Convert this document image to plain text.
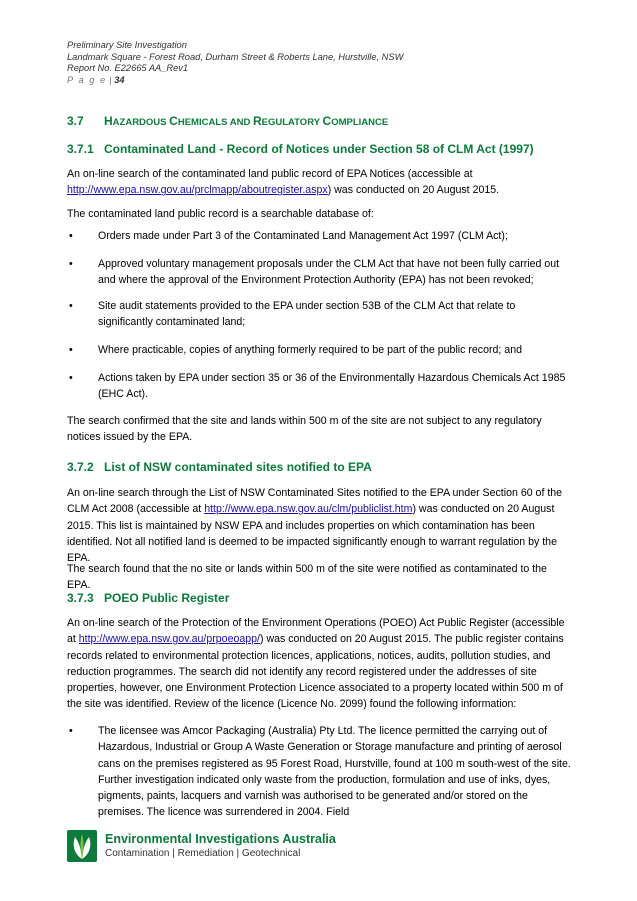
Preliminary Site Investigation
Landmark Square - Forest Road, Durham Street & Roberts Lane, Hurstville, NSW
Report No. E22665 AA_Rev1
P a g e | 34
3.7 HAZARDOUS CHEMICALS AND REGULATORY COMPLIANCE
3.7.1 Contaminated Land - Record of Notices under Section 58 of CLM Act (1997)
An on-line search of the contaminated land public record of EPA Notices (accessible at
http://www.epa.nsw.gov.au/prclmapp/aboutregister.aspx) was conducted on 20 August 2015.
The contaminated land public record is a searchable database of:
• Orders made under Part 3 of the Contaminated Land Management Act 1997 (CLM Act);
• Approved voluntary management proposals under the CLM Act that have not been fully carried out and where the approval of the Environment Protection Authority (EPA) has not been revoked;
• Site audit statements provided to the EPA under section 53B of the CLM Act that relate to significantly contaminated land;
• Where practicable, copies of anything formerly required to be part of the public record; and
• Actions taken by EPA under section 35 or 36 of the Environmentally Hazardous Chemicals Act 1985 (EHC Act).
The search confirmed that the site and lands within 500 m of the site are not subject to any regulatory notices issued by the EPA.
3.7.2 List of NSW contaminated sites notified to EPA
An on-line search through the List of NSW Contaminated Sites notified to the EPA under Section 60 of the CLM Act 2008 (accessible at http://www.epa.nsw.gov.au/clm/publiclist.htm) was conducted on 20 August 2015. This list is maintained by NSW EPA and includes properties on which contamination has been identified. Not all notified land is deemed to be impacted significantly enough to warrant regulation by the EPA.
The search found that the no site or lands within 500 m of the site were notified as contaminated to the EPA.
3.7.3 POEO Public Register
An on-line search of the Protection of the Environment Operations (POEO) Act Public Register (accessible at http://www.epa.nsw.gov.au/prpoeoapp/) was conducted on 20 August 2015. The public register contains records related to environmental protection licences, applications, notices, audits, pollution studies, and reduction programmes. The search did not identify any record registered under the addresses of site properties, however, one Environment Protection Licence associated to a property located within 500 m of the site was identified. Review of the licence (Licence No. 2099) found the following information:
• The licensee was Amcor Packaging (Australia) Pty Ltd. The licence permitted the carrying out of Hazardous, Industrial or Group A Waste Generation or Storage manufacture and printing of aerosol cans on the premises registered as 95 Forest Road, Hurstville, found at 100 m south-west of the site. Further investigation indicated only waste from the production, formulation and use of inks, dyes, pigments, paints, lacquers and varnish was authorised to be generated and/or stored on the premises. The licence was surrendered in 2004. Field
Environmental Investigations Australia
Contamination | Remediation | Geotechnical
